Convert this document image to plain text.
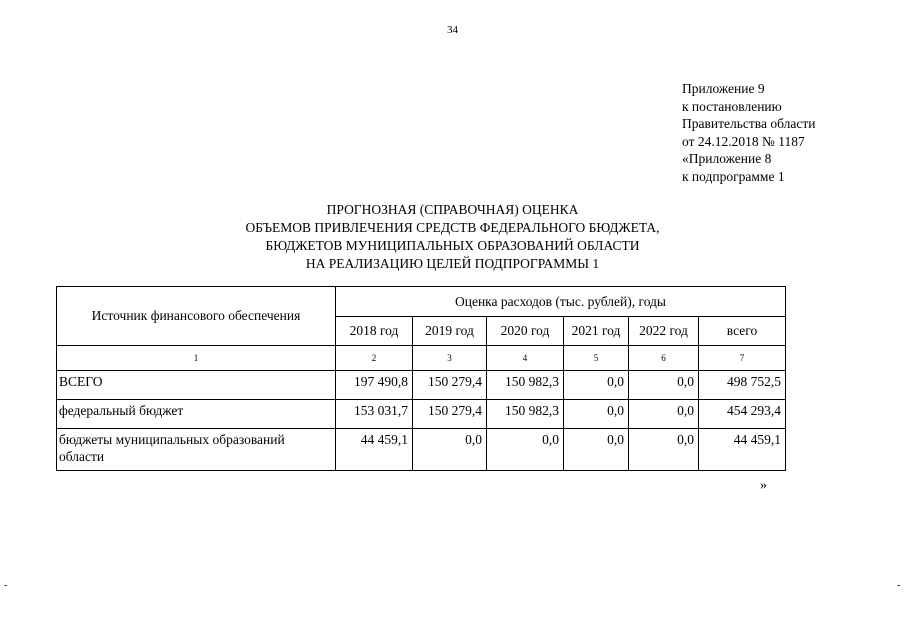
34
Приложение 9
к постановлению
Правительства области
от 24.12.2018 № 1187
«Приложение 8
к подпрограмме 1
ПРОГНОЗНАЯ (СПРАВОЧНАЯ) ОЦЕНКА
ОБЪЕМОВ ПРИВЛЕЧЕНИЯ СРЕДСТВ ФЕДЕРАЛЬНОГО БЮДЖЕТА,
БЮДЖЕТОВ МУНИЦИПАЛЬНЫХ ОБРАЗОВАНИЙ ОБЛАСТИ
НА РЕАЛИЗАЦИЮ ЦЕЛЕЙ ПОДПРОГРАММЫ 1
Источник финансового обеспечения	Оценка расходов (тыс. рублей), годы					
	2018 год	2019 год	2020 год	2021 год	2022 год	всего
1	2	3	4	5	6	7
ВСЕГО	197 490,8	150 279,4	150 982,3	0,0	0,0	498 752,5
федеральный бюджет	153 031,7	150 279,4	150 982,3	0,0	0,0	454 293,4
бюджеты муниципальных образований области	44 459,1	0,0	0,0	0,0	0,0	44 459,1
»
-	-
